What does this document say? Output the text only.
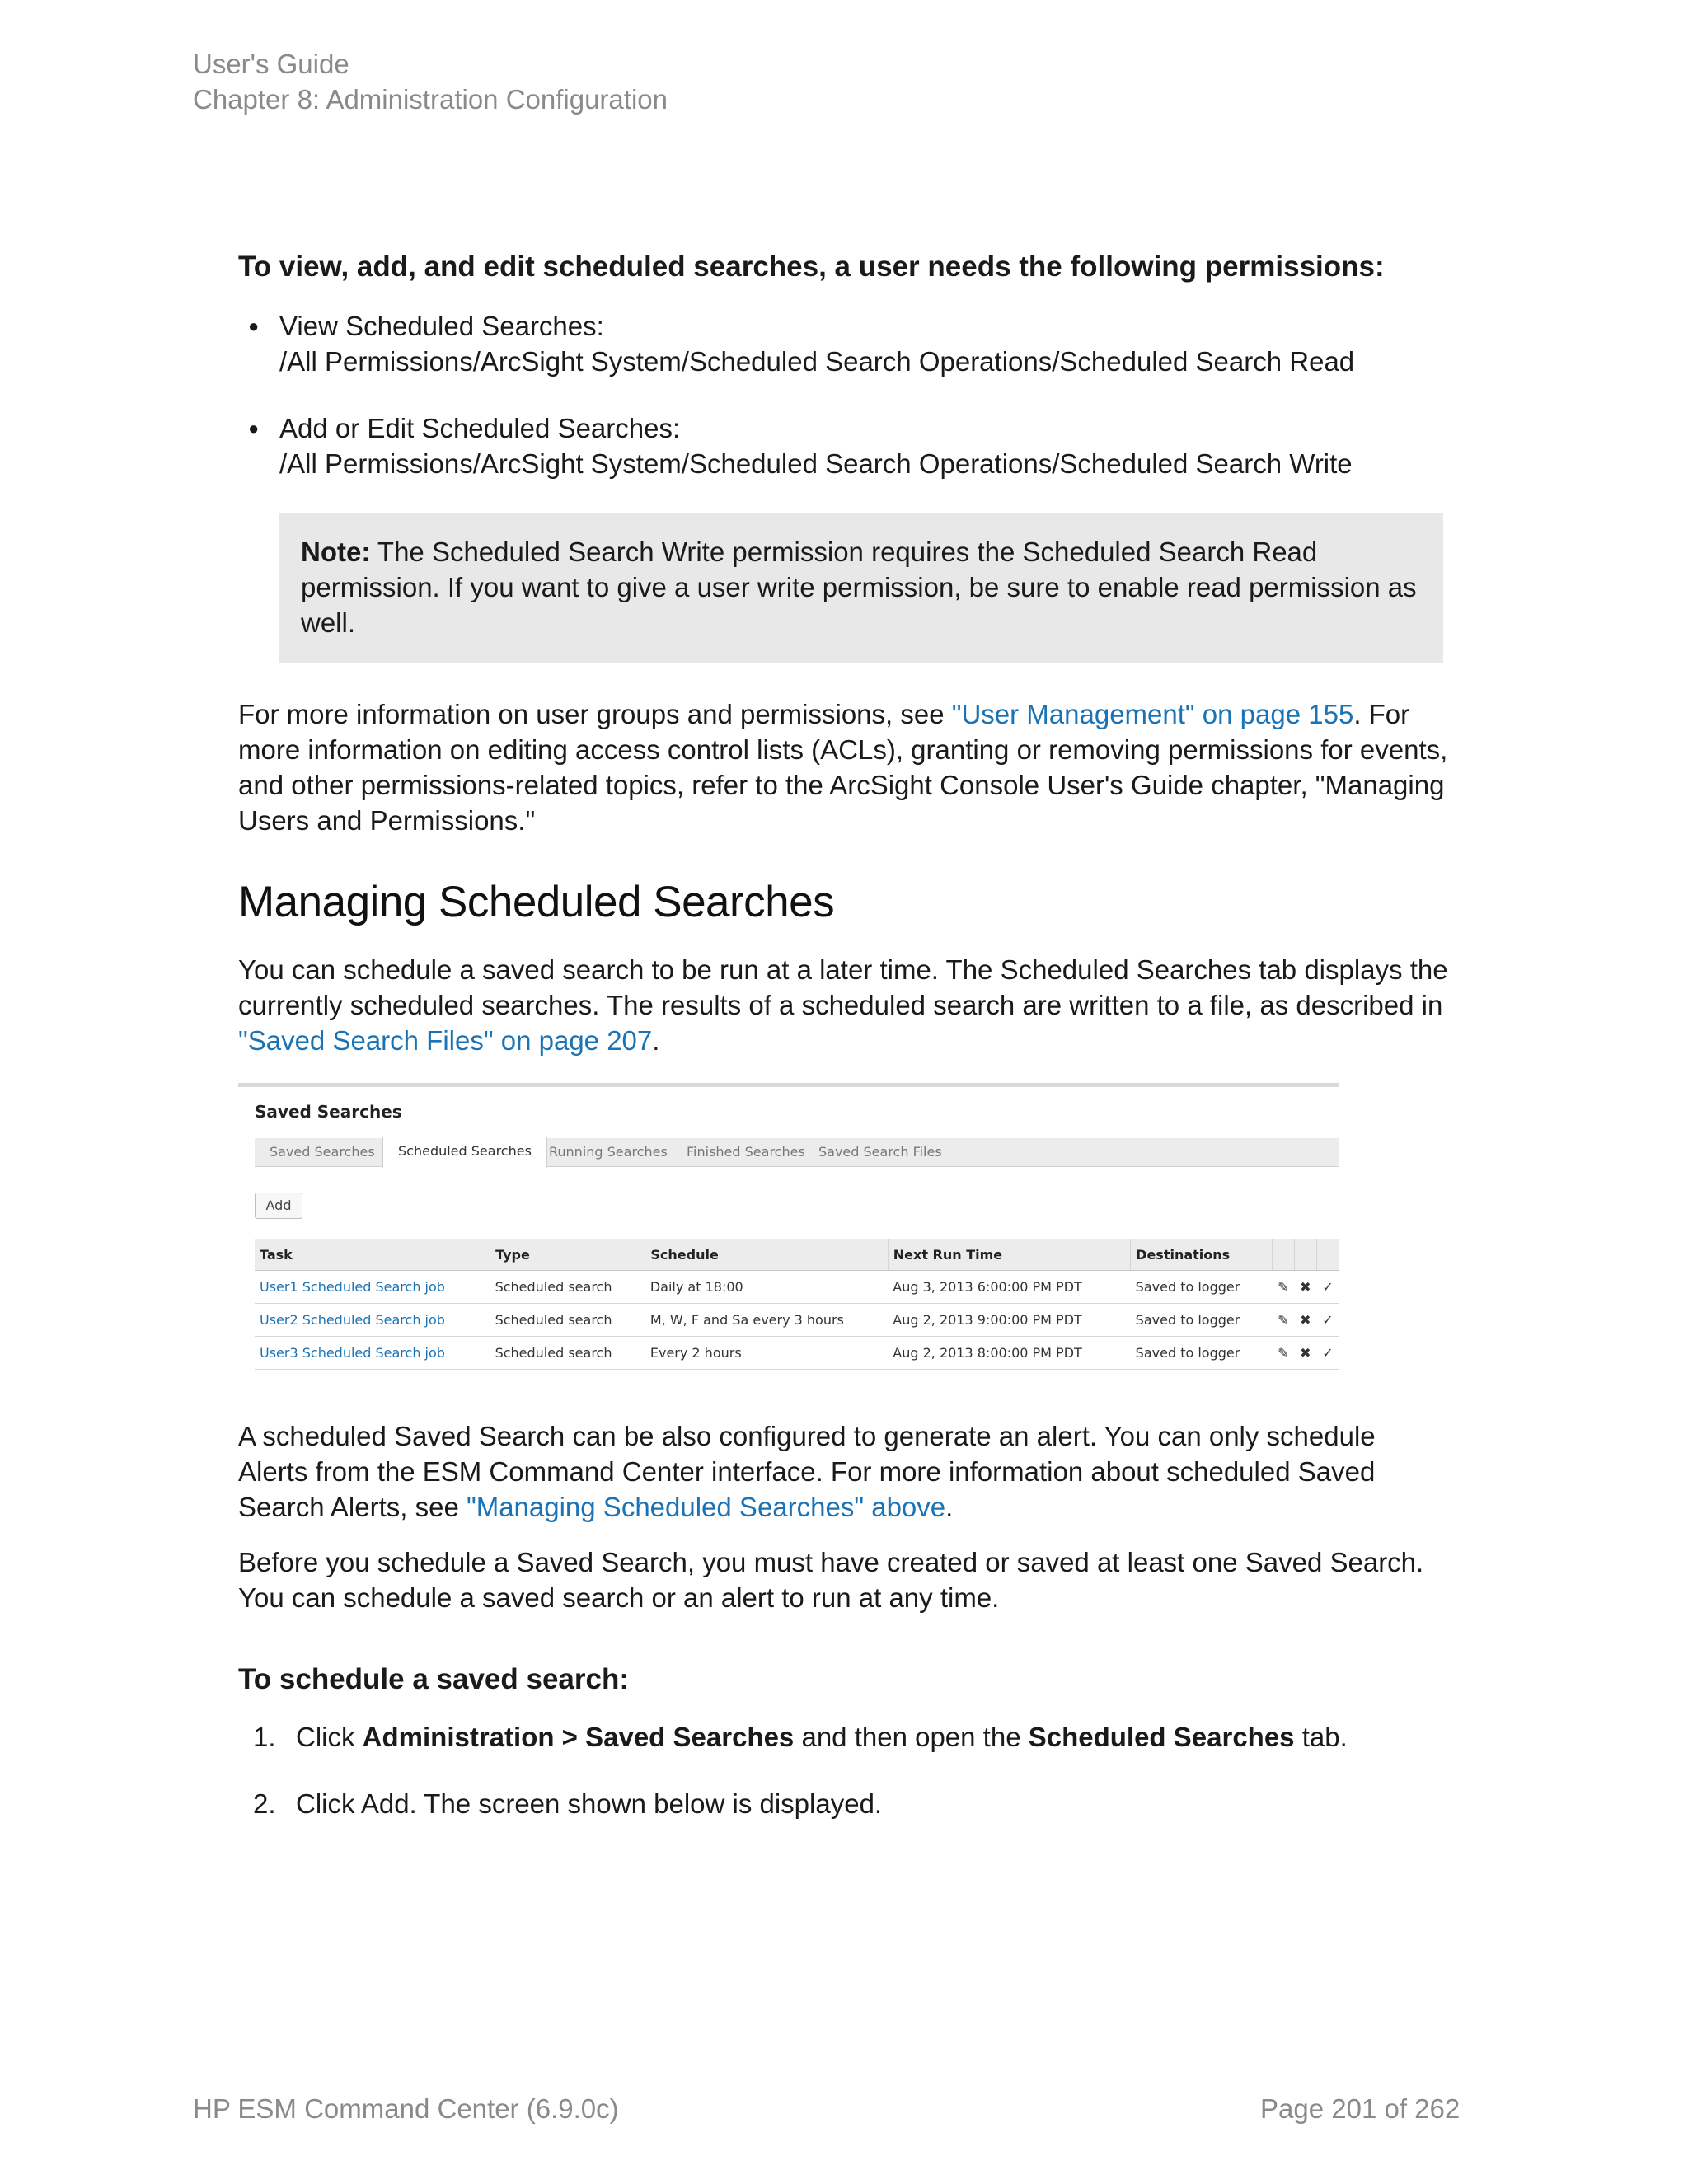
User's Guide
Chapter 8: Administration Configuration
To view, add, and edit scheduled searches, a user needs the following permissions:
● View Scheduled Searches:
/All Permissions/ArcSight System/Scheduled Search Operations/Scheduled Search Read
● Add or Edit Scheduled Searches:
/All Permissions/ArcSight System/Scheduled Search Operations/Scheduled Search Write
Note: The Scheduled Search Write permission requires the Scheduled Search Read permission. If you want to give a user write permission, be sure to enable read permission as well.

For more information on user groups and permissions, see "User Management" on page 155. For more information on editing access control lists (ACLs), granting or removing permissions for events, and other permissions-related topics, refer to the ArcSight Console User's Guide chapter, "Managing Users and Permissions."

Managing Scheduled Searches

You can schedule a saved search to be run at a later time. The Scheduled Searches tab displays the currently scheduled searches. The results of a scheduled search are written to a file, as described in "Saved Search Files" on page 207.

Saved Searches
Saved Searches	Scheduled Searches	Running Searches	Finished Searches	Saved Search Files
Add
Task	Type	Schedule	Next Run Time	Destinations			
User1 Scheduled Search job	Scheduled search	Daily at 18:00	Aug 3, 2013 6:00:00 PM PDT	Saved to logger	✎	✖	✓
User2 Scheduled Search job	Scheduled search	M, W, F and Sa every 3 hours	Aug 2, 2013 9:00:00 PM PDT	Saved to logger	✎	✖	✓
User3 Scheduled Search job	Scheduled search	Every 2 hours	Aug 2, 2013 8:00:00 PM PDT	Saved to logger	✎	✖	✓

A scheduled Saved Search can be also configured to generate an alert. You can only schedule Alerts from the ESM Command Center interface. For more information about scheduled Saved Search Alerts, see "Managing Scheduled Searches" above.

Before you schedule a Saved Search, you must have created or saved at least one Saved Search. You can schedule a saved search or an alert to run at any time.

To schedule a saved search:
1. Click Administration > Saved Searches and then open the Scheduled Searches tab.
2. Click Add. The screen shown below is displayed.
HP ESM Command Center (6.9.0c)	Page 201 of 262
